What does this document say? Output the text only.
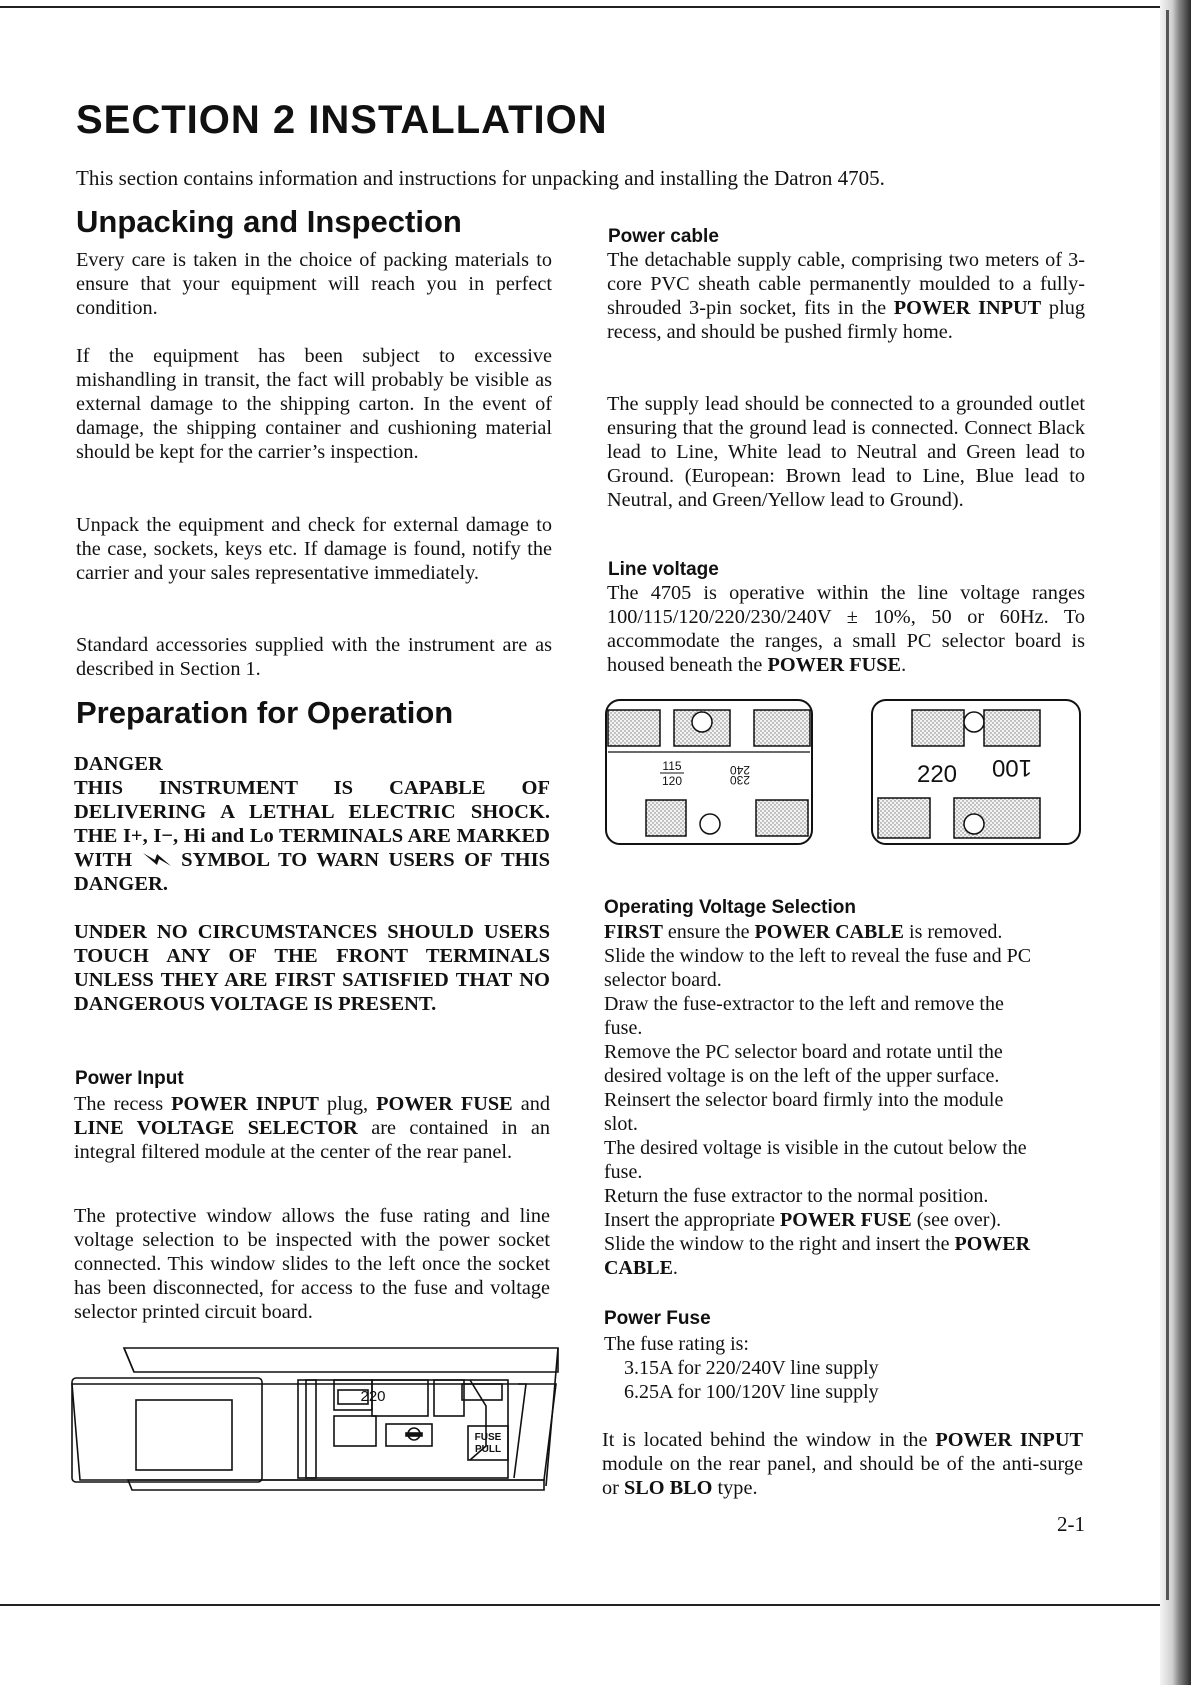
SECTION 2 INSTALLATION

This section contains information and instructions for unpacking and installing the Datron 4705.

Unpacking and Inspection

Every care is taken in the choice of packing materials to ensure that your equipment will reach you in perfect condition.

If the equipment has been subject to excessive mishandling in transit, the fact will probably be visible as external damage to the shipping carton. In the event of damage, the shipping container and cushioning material should be kept for the carrier’s inspection.

Unpack the equipment and check for external damage to the case, sockets, keys etc. If damage is found, notify the carrier and your sales representative immediately.

Standard accessories supplied with the instrument are as described in Section 1.

Preparation for Operation
DANGER

THIS INSTRUMENT IS CAPABLE OF DELIVERING A LETHAL ELECTRIC SHOCK. THE I+, I−, Hi and Lo TERMINALS ARE MARKED WITH SYMBOL TO WARN USERS OF THIS DANGER.

UNDER NO CIRCUMSTANCES SHOULD USERS TOUCH ANY OF THE FRONT TERMINALS UNLESS THEY ARE FIRST SATISFIED THAT NO DANGEROUS VOLTAGE IS PRESENT.

Power Input

The recess POWER INPUT plug, POWER FUSE and LINE VOLTAGE SELECTOR are contained in an integral filtered module at the center of the rear panel.

The protective window allows the fuse rating and line voltage selection to be inspected with the power socket connected. This window slides to the left once the socket has been disconnected, for access to the fuse and voltage selector printed circuit board.

220
FUSE
PULL
Power cable

The detachable supply cable, comprising two meters of 3-core PVC sheath cable permanently moulded to a fully-shrouded 3-pin socket, fits in the POWER INPUT plug recess, and should be pushed firmly home.

The supply lead should be connected to a grounded outlet ensuring that the ground lead is connected. Connect Black lead to Line, White lead to Neutral and Green lead to Ground. (European: Brown lead to Line, Blue lead to Neutral, and Green/Yellow lead to Ground).

Line voltage

The 4705 is operative within the line voltage ranges 100/115/120/220/230/240V ± 10%, 50 or 60Hz. To accommodate the ranges, a small PC selector board is housed beneath the POWER FUSE.

115
120
240
230	220 100
Operating Voltage Selection
FIRST ensure the POWER CABLE is removed.
Slide the window to the left to reveal the fuse and PC
selector board.
Draw the fuse-extractor to the left and remove the
fuse.
Remove the PC selector board and rotate until the
desired voltage is on the left of the upper surface.
Reinsert the selector board firmly into the module
slot.
The desired voltage is visible in the cutout below the
fuse.
Return the fuse extractor to the normal position.
Insert the appropriate POWER FUSE (see over).
Slide the window to the right and insert the POWER
CABLE.
Power Fuse
The fuse rating is:
3.15A for 220/240V line supply
6.25A for 100/120V line supply

It is located behind the window in the POWER INPUT module on the rear panel, and should be of the anti-surge or SLO BLO type.

2-1
